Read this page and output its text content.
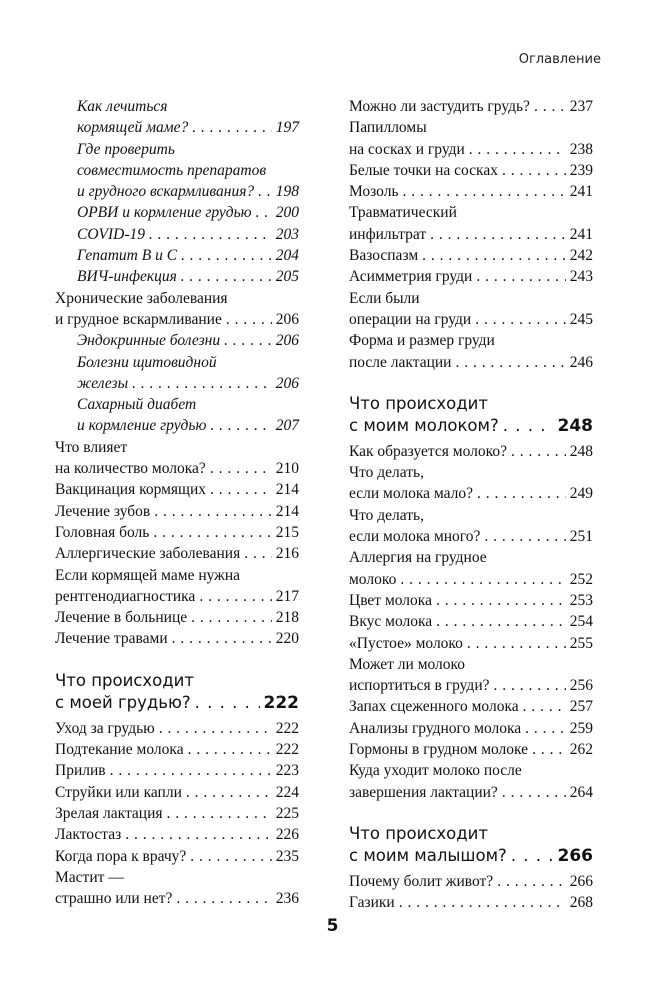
Оглавление
Как лечиться
кормящей маме? . . .	197
Где проверить
совместимость препаратов
и грудного вскармливания? . . . 198
ОРВИ и кормление грудью . . . 200
COVID-19 . . .	203
Гепатит В и С . . .	204
ВИЧ-инфекция . . .	205
Хронические заболевания
и грудное вскармливание . . .	206
Эндокринные болезни . . .	206
Болезни щитовидной
железы . . .	206
Сахарный диабет
и кормление грудью . . .	207
Что влияет
на количество молока? . . .	210
Вакцинация кормящих . . .	214
Лечение зубов . . .	214
Головная боль . . .	215
Аллергические заболевания . . . 216
Если кормящей маме нужна
рентгенодиагностика . . .	217
Лечение в больнице . . .	218
Лечение травами . . .	220
Что происходит
с моей грудью? . . .	222
Уход за грудью . . .	222
Подтекание молока . . .	222
Прилив . . .	223
Струйки или капли . . .	224
Зрелая лактация . . .	225
Лактостаз . . .	226
Когда пора к врачу? . . .	235
Мастит —
страшно или нет? . . .	236
Можно ли застудить грудь? . . .	237
Папилломы
на сосках и груди . . .	238
Белые точки на сосках . . .	239
Мозоль . . .	241
Травматический
инфильтрат . . .	241
Вазоспазм . . .	242
Асимметрия груди . . .	243
Если были
операции на груди . . .	245
Форма и размер груди
после лактации . . .	246
Что происходит
с моим молоком? . . .	248
Как образуется молоко? . . .	248
Что делать,
если молока мало? . . .	249
Что делать,
если молока много? . . .	251
Аллергия на грудное
молоко . . .	252
Цвет молока . . .	253
Вкус молока . . .	254
«Пустое» молоко . . .	255
Может ли молоко
испортиться в груди? . . .	256
Запах сцеженного молока . . .	257
Анализы грудного молока . . .	259
Гормоны в грудном молоке . . .	262
Куда уходит молоко после
завершения лактации? . . .	264
Что происходит
с моим малышом? . . .	266
Почему болит живот? . . .	266
Газики . . .	268
5
